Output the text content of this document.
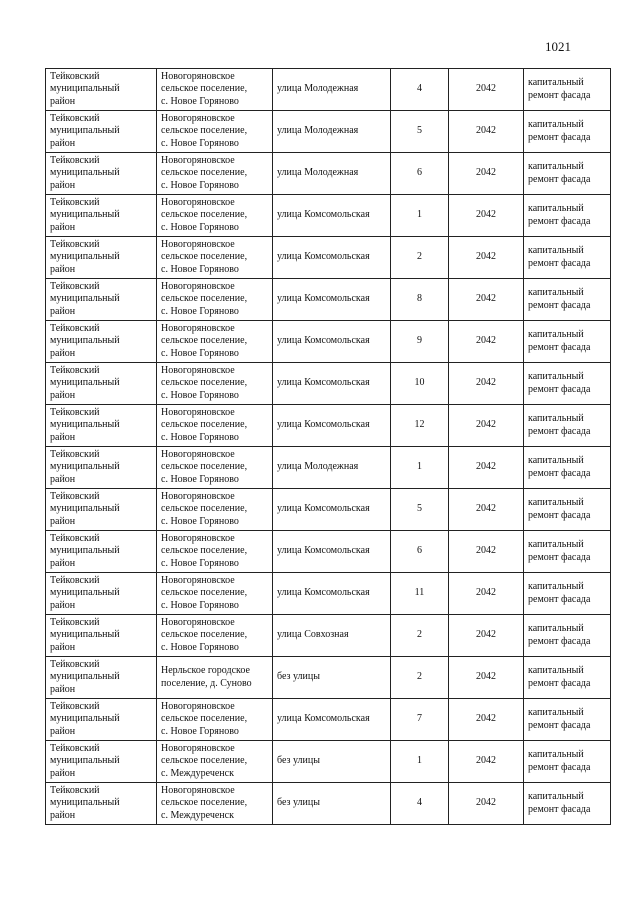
1021
Тейковский
муниципальный
район	Новогоряновское
сельское поселение,
с. Новое Горяново	улица Молодежная	4	2042	капитальный
ремонт фасада

Тейковский
муниципальный
район	Новогоряновское
сельское поселение,
с. Новое Горяново	улица Молодежная	5	2042	капитальный
ремонт фасада

Тейковский
муниципальный
район	Новогоряновское
сельское поселение,
с. Новое Горяново	улица Молодежная	6	2042	капитальный
ремонт фасада

Тейковский
муниципальный
район	Новогоряновское
сельское поселение,
с. Новое Горяново	улица Комсомольская	1	2042	капитальный
ремонт фасада

Тейковский
муниципальный
район	Новогоряновское
сельское поселение,
с. Новое Горяново	улица Комсомольская	2	2042	капитальный
ремонт фасада

Тейковский
муниципальный
район	Новогоряновское
сельское поселение,
с. Новое Горяново	улица Комсомольская	8	2042	капитальный
ремонт фасада

Тейковский
муниципальный
район	Новогоряновское
сельское поселение,
с. Новое Горяново	улица Комсомольская	9	2042	капитальный
ремонт фасада

Тейковский
муниципальный
район	Новогоряновское
сельское поселение,
с. Новое Горяново	улица Комсомольская	10	2042	капитальный
ремонт фасада

Тейковский
муниципальный
район	Новогоряновское
сельское поселение,
с. Новое Горяново	улица Комсомольская	12	2042	капитальный
ремонт фасада

Тейковский
муниципальный
район	Новогоряновское
сельское поселение,
с. Новое Горяново	улица Молодежная	1	2042	капитальный
ремонт фасада

Тейковский
муниципальный
район	Новогоряновское
сельское поселение,
с. Новое Горяново	улица Комсомольская	5	2042	капитальный
ремонт фасада

Тейковский
муниципальный
район	Новогоряновское
сельское поселение,
с. Новое Горяново	улица Комсомольская	6	2042	капитальный
ремонт фасада

Тейковский
муниципальный
район	Новогоряновское
сельское поселение,
с. Новое Горяново	улица Комсомольская	11	2042	капитальный
ремонт фасада

Тейковский
муниципальный
район	Новогоряновское
сельское поселение,
с. Новое Горяново	улица Совхозная	2	2042	капитальный
ремонт фасада

Тейковский
муниципальный
район	Нерльское городское
поселение, д. Суново	без улицы	2	2042	капитальный
ремонт фасада

Тейковский
муниципальный
район	Новогоряновское
сельское поселение,
с. Новое Горяново	улица Комсомольская	7	2042	капитальный
ремонт фасада

Тейковский
муниципальный
район	Новогоряновское
сельское поселение,
с. Междуреченск	без улицы	1	2042	капитальный
ремонт фасада

Тейковский
муниципальный
район	Новогоряновское
сельское поселение,
с. Междуреченск	без улицы	4	2042	капитальный
ремонт фасада
